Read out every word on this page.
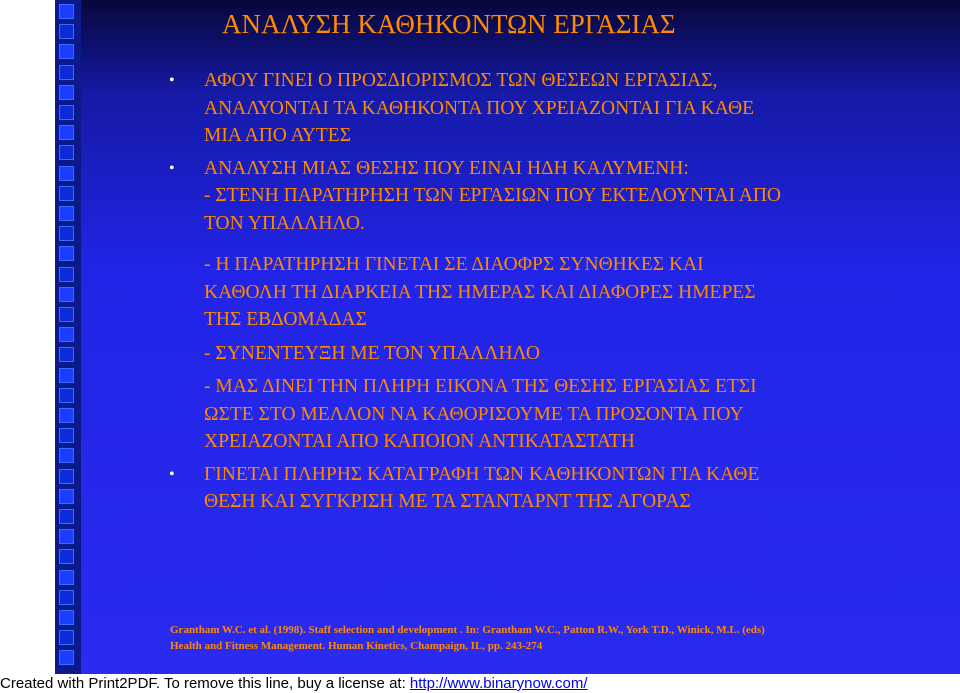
ΑΝΑΛΥΣΗ ΚΑΘΗΚΟΝΤΩΝ ΕΡΓΑΣΙΑΣ
• ΑΦΟΥ ΓΙΝΕΙ Ο ΠΡΟΣΔΙΟΡΙΣΜΟΣ ΤΩΝ ΘΕΣΕΩΝ ΕΡΓΑΣΙΑΣ,
ΑΝΑΛΥΟΝΤΑΙ ΤΑ ΚΑΘΗΚΟΝΤΑ ΠΟΥ ΧΡΕΙΑΖΟΝΤΑΙ ΓΙΑ ΚΑΘΕ
ΜΙΑ ΑΠΟ ΑΥΤΕΣ
• ΑΝΑΛΥΣΗ ΜΙΑΣ ΘΕΣΗΣ ΠΟΥ ΕΙΝΑΙ ΗΔΗ ΚΑΛΥΜΕΝΗ:
- ΣΤΕΝΗ ΠΑΡΑΤΗΡΗΣΗ ΤΩΝ ΕΡΓΑΣΙΩΝ ΠΟΥ ΕΚΤΕΛΟΥΝΤΑΙ ΑΠΟ
ΤΟΝ ΥΠΑΛΛΗΛΟ.
- Η ΠΑΡΑΤΗΡΗΣΗ ΓΙΝΕΤΑΙ ΣΕ ΔΙΑΟΦΡΣ ΣΥΝΘΗΚΕΣ ΚΑΙ
ΚΑΘΟΛΗ ΤΗ ΔΙΑΡΚΕΙΑ ΤΗΣ ΗΜΕΡΑΣ ΚΑΙ ΔΙΑΦΟΡΕΣ ΗΜΕΡΕΣ
ΤΗΣ ΕΒΔΟΜΑΔΑΣ
- ΣΥΝΕΝΤΕΥΞΗ ΜΕ ΤΟΝ ΥΠΑΛΛΗΛΟ
- ΜΑΣ ΔΙΝΕΙ ΤΗΝ ΠΛΗΡΗ ΕΙΚΟΝΑ ΤΗΣ ΘΕΣΗΣ ΕΡΓΑΣΙΑΣ ΕΤΣΙ
ΩΣΤΕ ΣΤΟ ΜΕΛΛΟΝ ΝΑ ΚΑΘΟΡΙΣΟΥΜΕ ΤΑ ΠΡΟΣΟΝΤΑ ΠΟΥ
ΧΡΕΙΑΖΟΝΤΑΙ ΑΠΟ ΚΑΠΟΙΟΝ ΑΝΤΙΚΑΤΑΣΤΑΤΗ
• ΓΙΝΕΤΑΙ ΠΛΗΡΗΣ ΚΑΤΑΓΡΑΦΗ ΤΩΝ ΚΑΘΗΚΟΝΤΩΝ ΓΙΑ ΚΑΘΕ
ΘΕΣΗ ΚΑΙ ΣΥΓΚΡΙΣΗ ΜΕ ΤΑ ΣΤΑΝΤΑΡΝΤ ΤΗΣ ΑΓΟΡΑΣ
Grantham W.C. et al. (1998). Staff selection and development . In: Grantham W.C., Patton R.W., York T.D., Winick, M.L. (eds)
Health and Fitness Management. Human Kinetics, Champaign, IL, pp. 243-274
Created with Print2PDF. To remove this line, buy a license at: http://www.binarynow.com/
